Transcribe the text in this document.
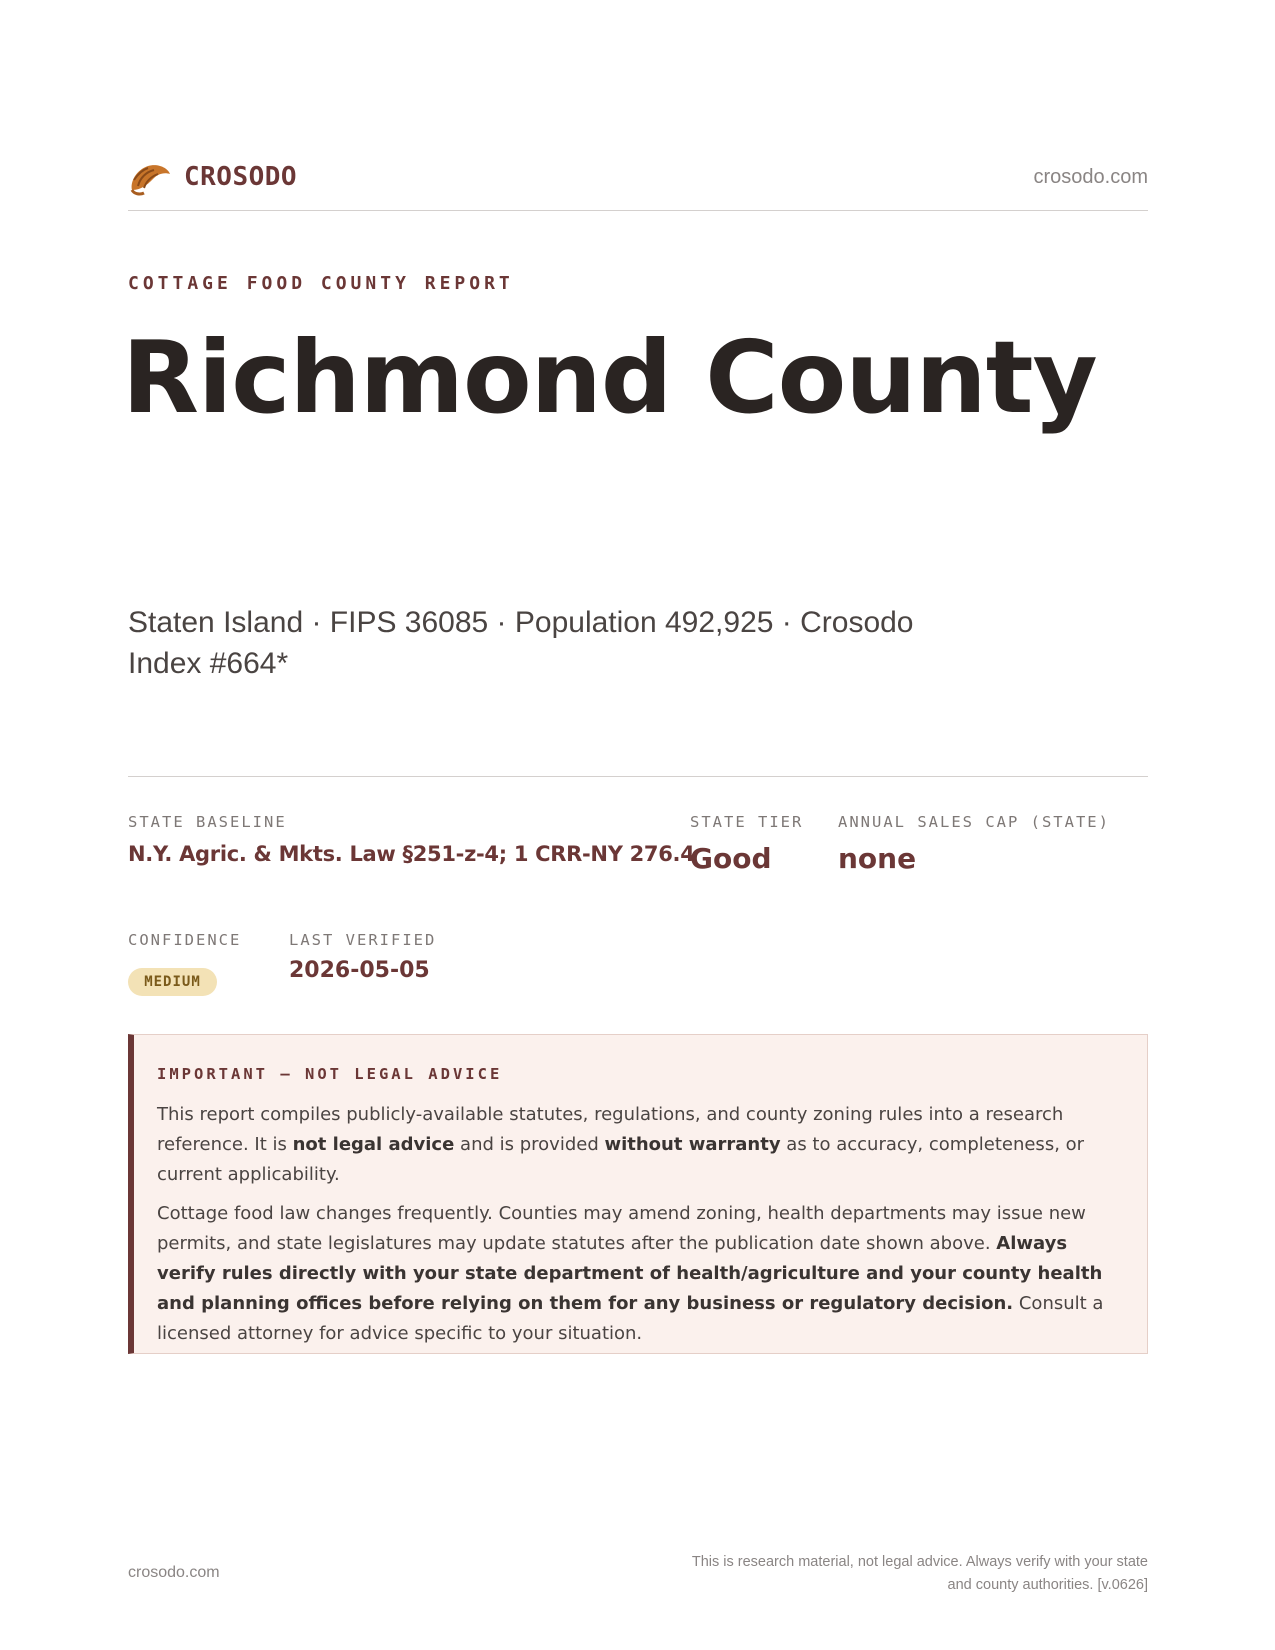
CROSODO	crosodo.com
COTTAGE FOOD COUNTY REPORT
Richmond County
Staten Island · FIPS 36085 · Population 492,925 · Crosodo Index #664*
STATE BASELINE
N.Y. Agric. & Mkts. Law §251-z-4; 1 CRR-NY 276.4
STATE TIER
Good
ANNUAL SALES CAP (STATE)
none
CONFIDENCE
MEDIUM
LAST VERIFIED
2026-05-05
IMPORTANT — NOT LEGAL ADVICE
This report compiles publicly-available statutes, regulations, and county zoning rules into a research reference. It is not legal advice and is provided without warranty as to accuracy, completeness, or current applicability.
Cottage food law changes frequently. Counties may amend zoning, health departments may issue new permits, and state legislatures may update statutes after the publication date shown above. Always verify rules directly with your state department of health/agriculture and your county health and planning offices before relying on them for any business or regulatory decision. Consult a licensed attorney for advice specific to your situation.
crosodo.com
This is research material, not legal advice. Always verify with your state
and county authorities. [v.0626]
